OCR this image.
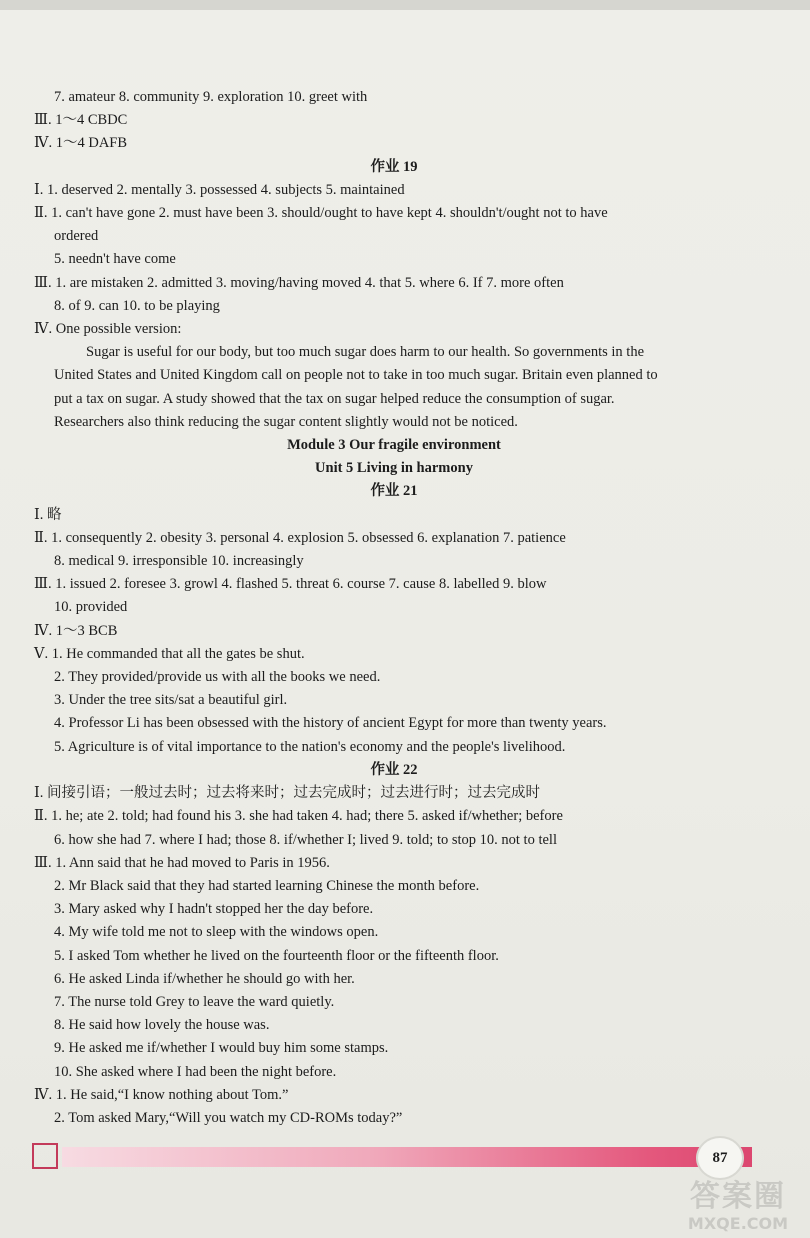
7. amateur 8. community 9. exploration 10. greet with
Ⅲ. 1～4 CBDC
Ⅳ. 1～4 DAFB
作业 19
Ⅰ. 1. deserved 2. mentally 3. possessed 4. subjects 5. maintained
Ⅱ. 1. can't have gone 2. must have been 3. should/ought to have kept 4. shouldn't/ought not to have
ordered
5. needn't have come
Ⅲ. 1. are mistaken 2. admitted 3. moving/having moved 4. that 5. where 6. If 7. more often
8. of 9. can 10. to be playing
Ⅳ. One possible version:
Sugar is useful for our body, but too much sugar does harm to our health. So governments in the
United States and United Kingdom call on people not to take in too much sugar. Britain even planned to
put a tax on sugar. A study showed that the tax on sugar helped reduce the consumption of sugar.
Researchers also think reducing the sugar content slightly would not be noticed.
Module 3 Our fragile environment
Unit 5 Living in harmony
作业 21
Ⅰ. 略
Ⅱ. 1. consequently 2. obesity 3. personal 4. explosion 5. obsessed 6. explanation 7. patience
8. medical 9. irresponsible 10. increasingly
Ⅲ. 1. issued 2. foresee 3. growl 4. flashed 5. threat 6. course 7. cause 8. labelled 9. blow
10. provided
Ⅳ. 1～3 BCB
Ⅴ. 1. He commanded that all the gates be shut.
2. They provided/provide us with all the books we need.
3. Under the tree sits/sat a beautiful girl.
4. Professor Li has been obsessed with the history of ancient Egypt for more than twenty years.
5. Agriculture is of vital importance to the nation's economy and the people's livelihood.
作业 22
Ⅰ. 间接引语；一般过去时；过去将来时；过去完成时；过去进行时；过去完成时
Ⅱ. 1. he; ate 2. told; had found his 3. she had taken 4. had; there 5. asked if/whether; before
6. how she had 7. where I had; those 8. if/whether I; lived 9. told; to stop 10. not to tell
Ⅲ. 1. Ann said that he had moved to Paris in 1956.
2. Mr Black said that they had started learning Chinese the month before.
3. Mary asked why I hadn't stopped her the day before.
4. My wife told me not to sleep with the windows open.
5. I asked Tom whether he lived on the fourteenth floor or the fifteenth floor.
6. He asked Linda if/whether he should go with her.
7. The nurse told Grey to leave the ward quietly.
8. He said how lovely the house was.
9. He asked me if/whether I would buy him some stamps.
10. She asked where I had been the night before.
Ⅳ. 1. He said,“I know nothing about Tom.”
2. Tom asked Mary,“Will you watch my CD-ROMs today?”
87
答案圈
MXQE.COM
